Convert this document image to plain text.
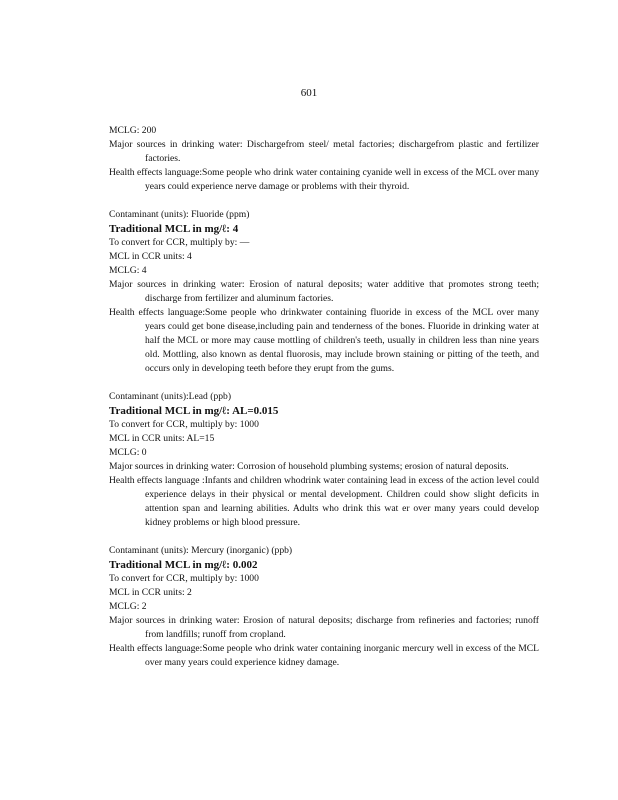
601
MCLG: 200
Major sources in drinking water: Dischargefrom steel/ metal factories; dischargefrom plastic and fertilizer factories.
Health effects language:Some people who drink water containing cyanide well in excess of the MCL over many years could experience nerve damage or problems with their thyroid.
Contaminant (units): Fluoride (ppm)
Traditional MCL in mg/ℓ: 4
To convert for CCR, multiply by: —
MCL in CCR units: 4
MCLG: 4
Major sources in drinking water: Erosion of natural deposits; water additive that promotes strong teeth; discharge from fertilizer and aluminum factories.
Health effects language:Some people who drinkwater containing fluoride in excess of the MCL over many years could get bone disease,including pain and tenderness of the bones. Fluoride in drinking water at half the MCL or more may cause mottling of children's teeth, usually in children less than nine years old. Mottling, also known as dental fluorosis, may include brown staining or pitting of the teeth, and occurs only in developing teeth before they erupt from the gums.
Contaminant (units):Lead (ppb)
Traditional MCL in mg/ℓ: AL=0.015
To convert for CCR, multiply by: 1000
MCL in CCR units: AL=15
MCLG: 0
Major sources in drinking water: Corrosion of household plumbing systems; erosion of natural deposits.
Health effects language :Infants and children whodrink water containing lead in excess of the action level could experience delays in their physical or mental development. Children could show slight deficits in attention span and learning abilities. Adults who drink this wat er over many years could develop kidney problems or high blood pressure.
Contaminant (units): Mercury (inorganic) (ppb)
Traditional MCL in mg/ℓ: 0.002
To convert for CCR, multiply by: 1000
MCL in CCR units: 2
MCLG: 2
Major sources in drinking water: Erosion of natural deposits; discharge from refineries and factories; runoff from landfills; runoff from cropland.
Health effects language:Some people who drink water containing inorganic mercury well in excess of the MCL over many years could experience kidney damage.
